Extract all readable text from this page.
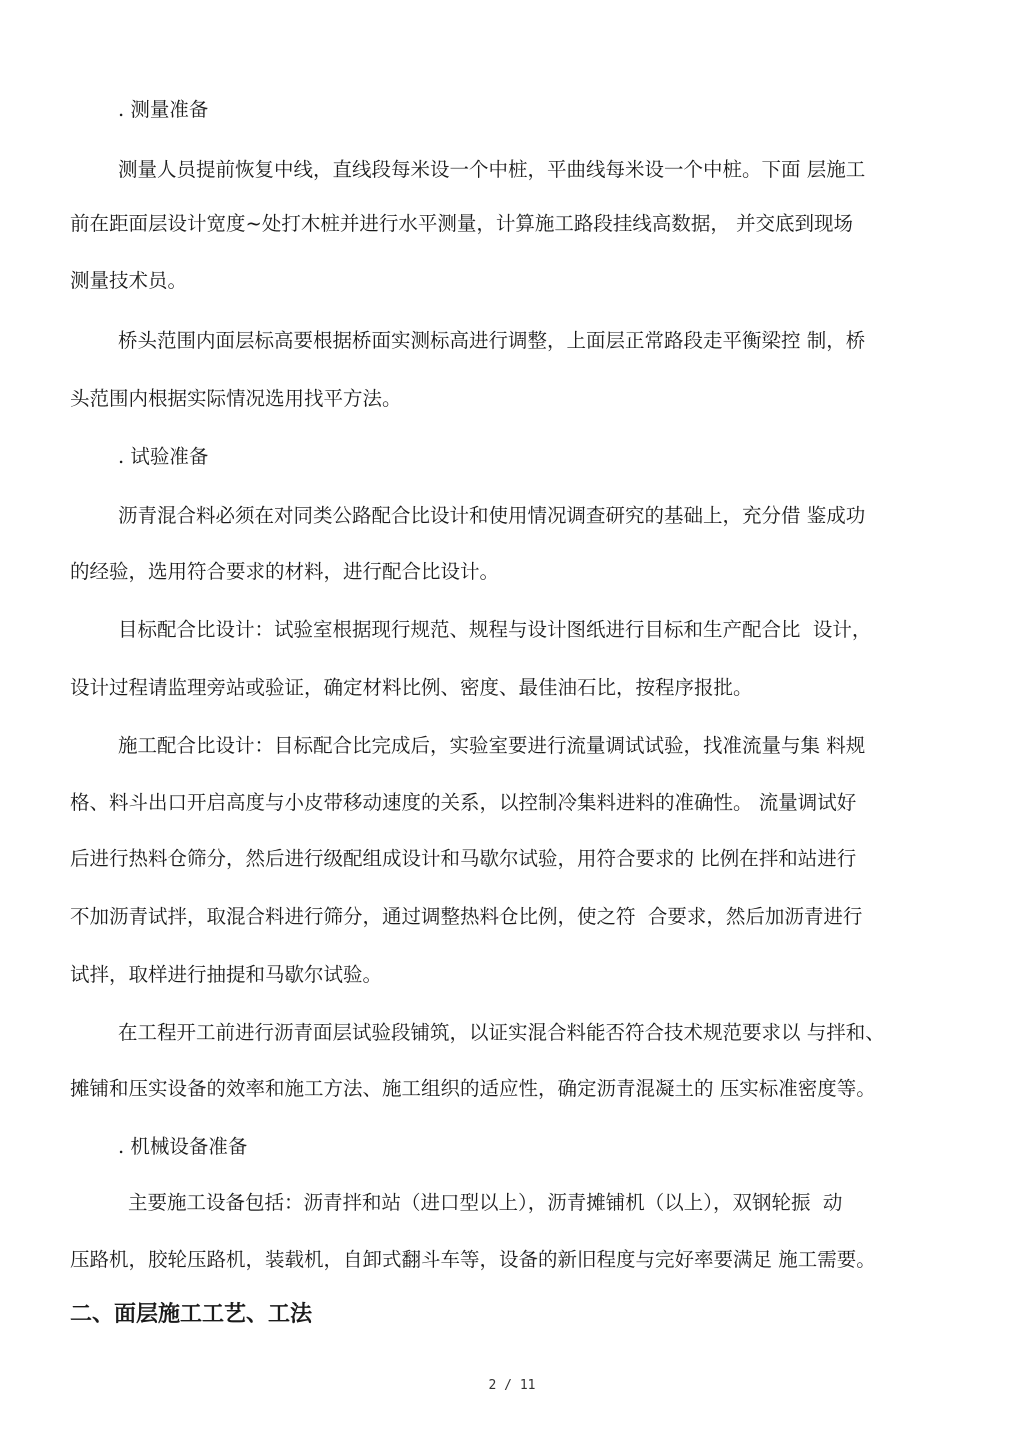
. 测量准备
测量人员提前恢复中线，直线段每米设一个中桩，平曲线每米设一个中桩。下面 层施工
前在距面层设计宽度~处打木桩并进行水平测量，计算施工路段挂线高数据， 并交底到现场
测量技术员。
桥头范围内面层标高要根据桥面实测标高进行调整，上面层正常路段走平衡梁控 制，桥
头范围内根据实际情况选用找平方法。
. 试验准备
沥青混合料必须在对同类公路配合比设计和使用情况调查研究的基础上，充分借 鉴成功
的经验，选用符合要求的材料，进行配合比设计。
目标配合比设计：试验室根据现行规范、规程与设计图纸进行目标和生产配合比  设计，
设计过程请监理旁站或验证，确定材料比例、密度、最佳油石比，按程序报批。
施工配合比设计：目标配合比完成后，实验室要进行流量调试试验，找准流量与集 料规
格、料斗出口开启高度与小皮带移动速度的关系，以控制冷集料进料的准确性。 流量调试好
后进行热料仓筛分，然后进行级配组成设计和马歇尔试验，用符合要求的 比例在拌和站进行
不加沥青试拌，取混合料进行筛分，通过调整热料仓比例，使之符  合要求，然后加沥青进行
试拌，取样进行抽提和马歇尔试验。
在工程开工前进行沥青面层试验段铺筑，以证实混合料能否符合技术规范要求以 与拌和、
摊铺和压实设备的效率和施工方法、施工组织的适应性，确定沥青混凝土的 压实标准密度等。
. 机械设备准备
主要施工设备包括：沥青拌和站（进口型以上），沥青摊铺机（以上），双钢轮振  动
压路机，胶轮压路机，装载机，自卸式翻斗车等，设备的新旧程度与完好率要满足 施工需要。
二、面层施工工艺、工法
2 / 11
